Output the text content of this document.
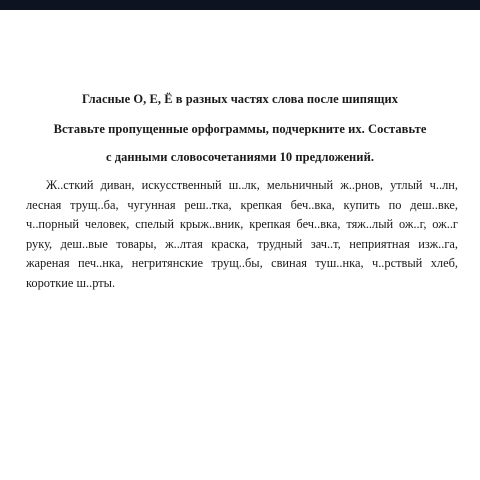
Гласные О, Е, Ё в разных частях слова после шипящих
Вставьте пропущенные орфограммы, подчеркните их. Составьте
с данными словосочетаниями 10 предложений.
Ж..сткий диван, искусственный ш..лк, мельничный ж..рнов, утлый ч..лн,
лесная трущ..ба, чугунная реш..тка, крепкая беч..вка, купить по деш..вке,
ч..порный человек, спелый крыж..вник, крепкая беч..вка, тяж..лый ож..г, ож..г
руку, деш..вые товары, ж..лтая краска, трудный зач..т, неприятная изж..га,
жареная печ..нка, негритянские трущ..бы, свиная туш..нка, ч..рствый хлеб,
короткие ш..рты.
